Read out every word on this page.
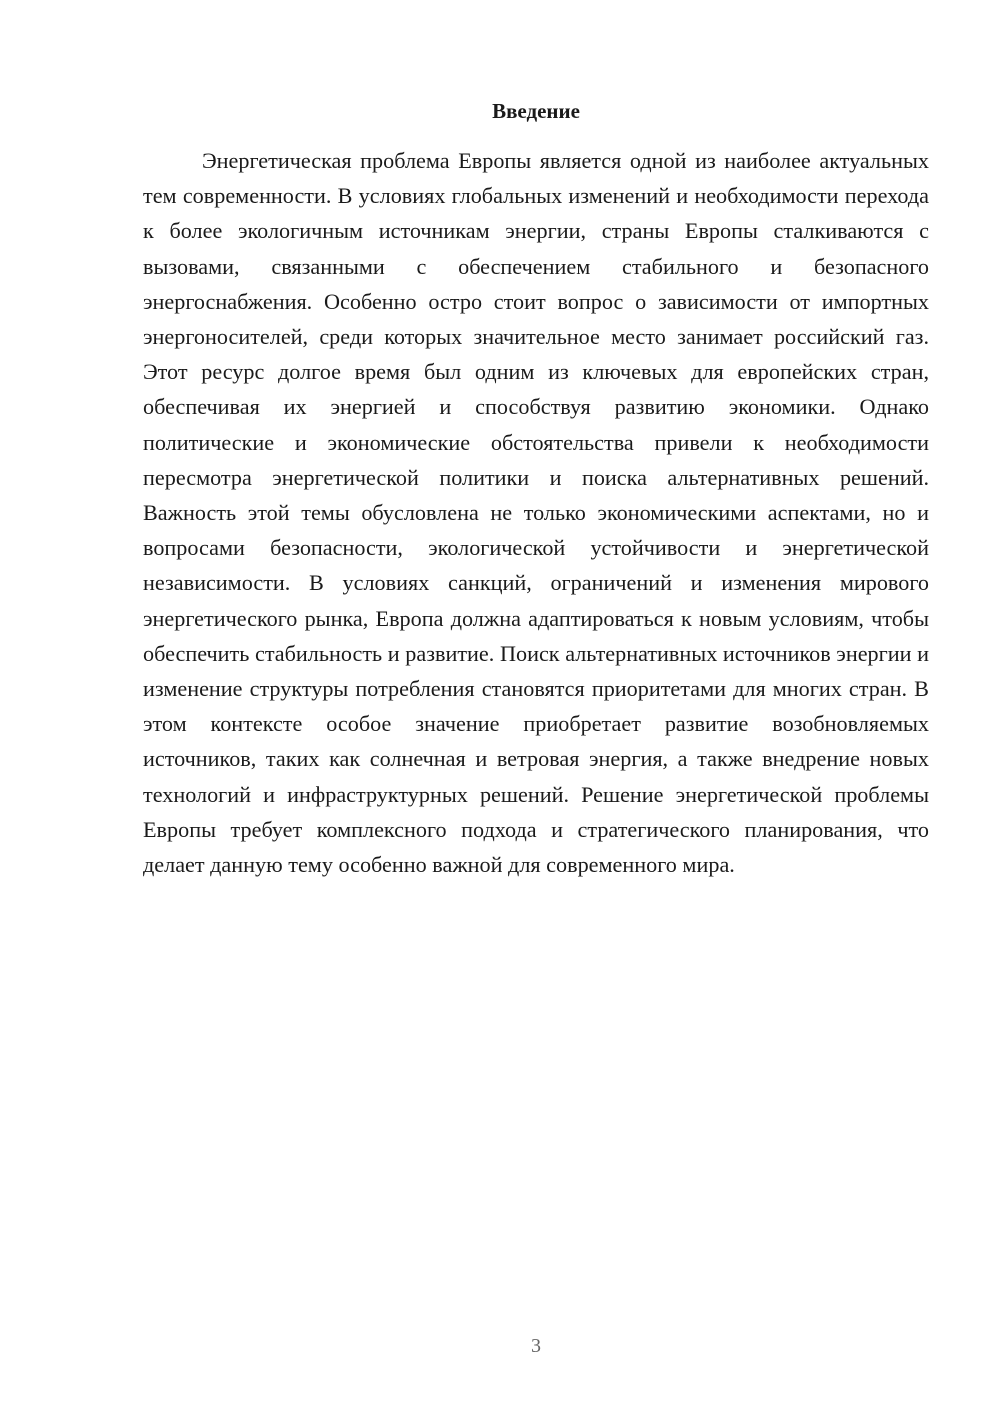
Введение

Энергетическая проблема Европы является одной из наиболее актуальных тем современности. В условиях глобальных изменений и необходимости перехода к более экологичным источникам энергии, страны Европы сталкиваются с вызовами, связанными с обеспечением стабильного и безопасного энергоснабжения. Особенно остро стоит вопрос о зависимости от импортных энергоносителей, среди которых значительное место занимает российский газ. Этот ресурс долгое время был одним из ключевых для европейских стран, обеспечивая их энергией и способствуя развитию экономики. Однако политические и экономические обстоятельства привели к необходимости пересмотра энергетической политики и поиска альтернативных решений. Важность этой темы обусловлена не только экономическими аспектами, но и вопросами безопасности, экологической устойчивости и энергетической независимости. В условиях санкций, ограничений и изменения мирового энергетического рынка, Европа должна адаптироваться к новым условиям, чтобы обеспечить стабильность и развитие. Поиск альтернативных источников энергии и изменение структуры потребления становятся приоритетами для многих стран. В этом контексте особое значение приобретает развитие возобновляемых источников, таких как солнечная и ветровая энергия, а также внедрение новых технологий и инфраструктурных решений. Решение энергетической проблемы Европы требует комплексного подхода и стратегического планирования, что делает данную тему особенно важной для современного мира.

3
